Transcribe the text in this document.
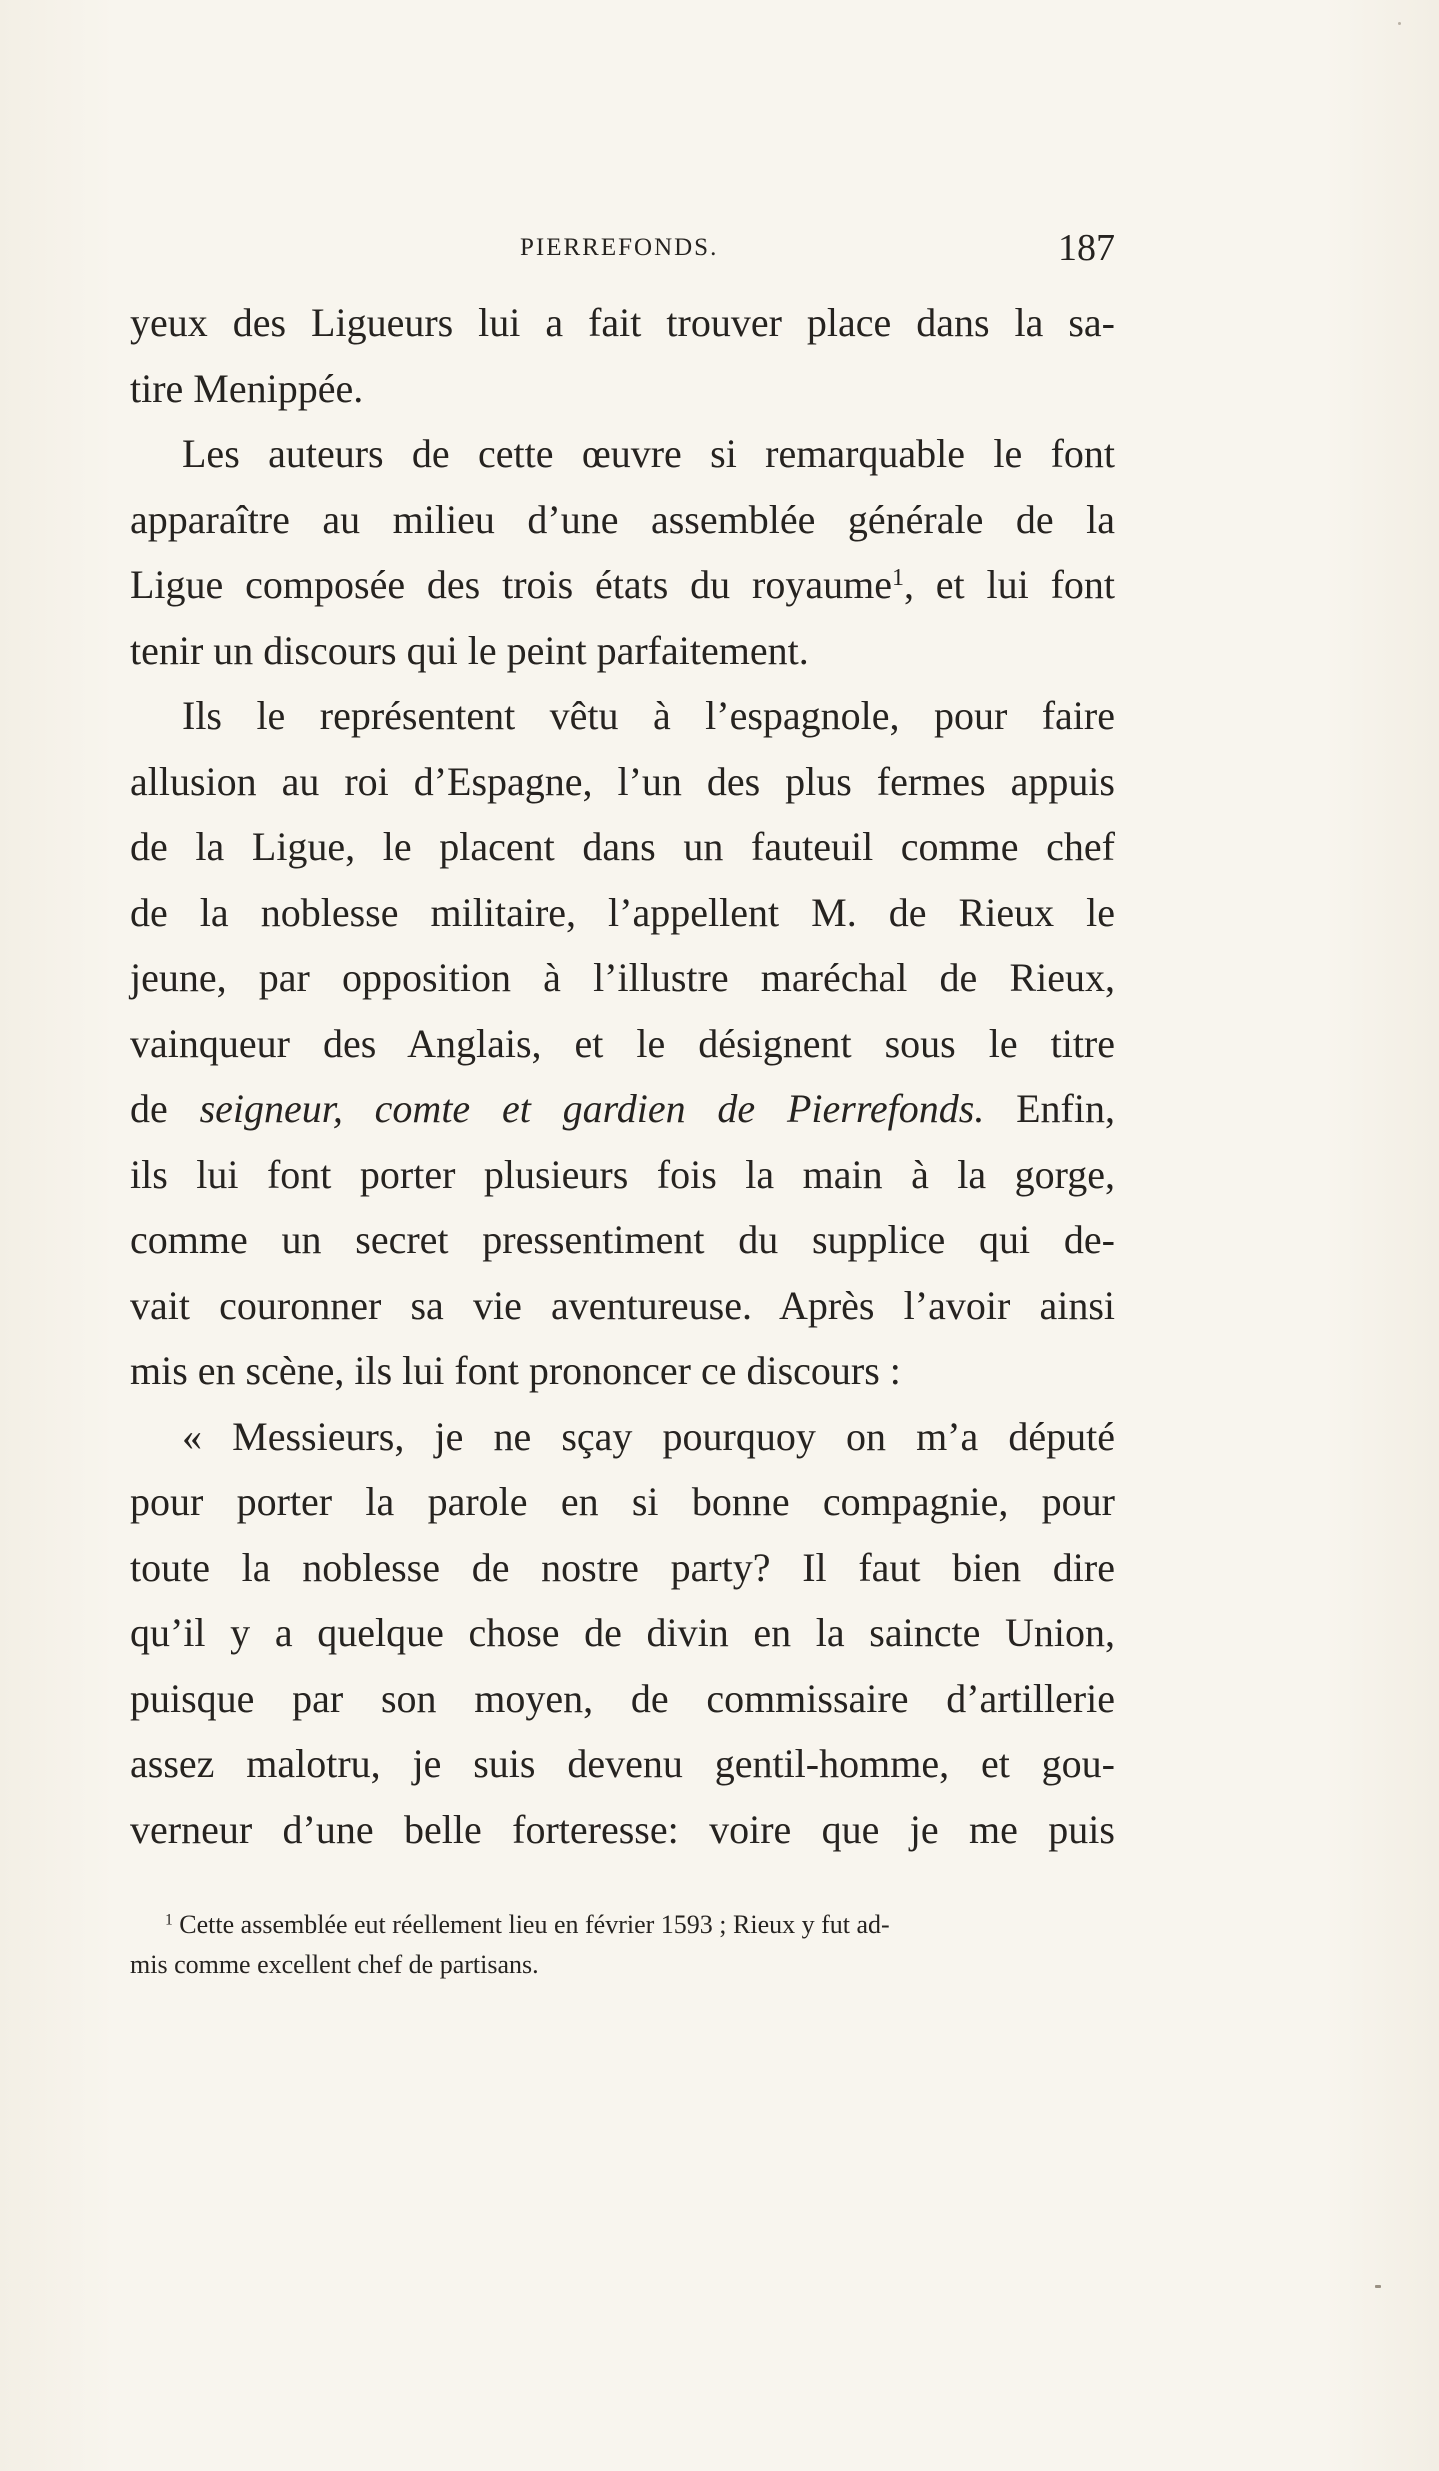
PIERREFONDS.	187
yeux des Ligueurs lui a fait trouver place dans la sa-
tire Menippée.
Les auteurs de cette œuvre si remarquable le font
apparaître au milieu d’une assemblée générale de la
Ligue composée des trois états du royaume$^1$, et lui font
tenir un discours qui le peint parfaitement.
Ils le représentent vêtu à l’espagnole, pour faire
allusion au roi d’Espagne, l’un des plus fermes appuis
de la Ligue, le placent dans un fauteuil comme chef
de la noblesse militaire, l’appellent M. de Rieux le
jeune, par opposition à l’illustre maréchal de Rieux,
vainqueur des Anglais, et le désignent sous le titre
de seigneur, comte et gardien de Pierrefonds. Enfin,
ils lui font porter plusieurs fois la main à la gorge,
comme un secret pressentiment du supplice qui de-
vait couronner sa vie aventureuse. Après l’avoir ainsi
mis en scène, ils lui font prononcer ce discours :
« Messieurs, je ne sçay pourquoy on m’a député
pour porter la parole en si bonne compagnie, pour
toute la noblesse de nostre party? Il faut bien dire
qu’il y a quelque chose de divin en la saincte Union,
puisque par son moyen, de commissaire d’artillerie
assez malotru, je suis devenu gentil-homme, et gou-
verneur d’une belle forteresse: voire que je me puis
$^1$ Cette assemblée eut réellement lieu en février 1593 ; Rieux y fut ad-
mis comme excellent chef de partisans.
